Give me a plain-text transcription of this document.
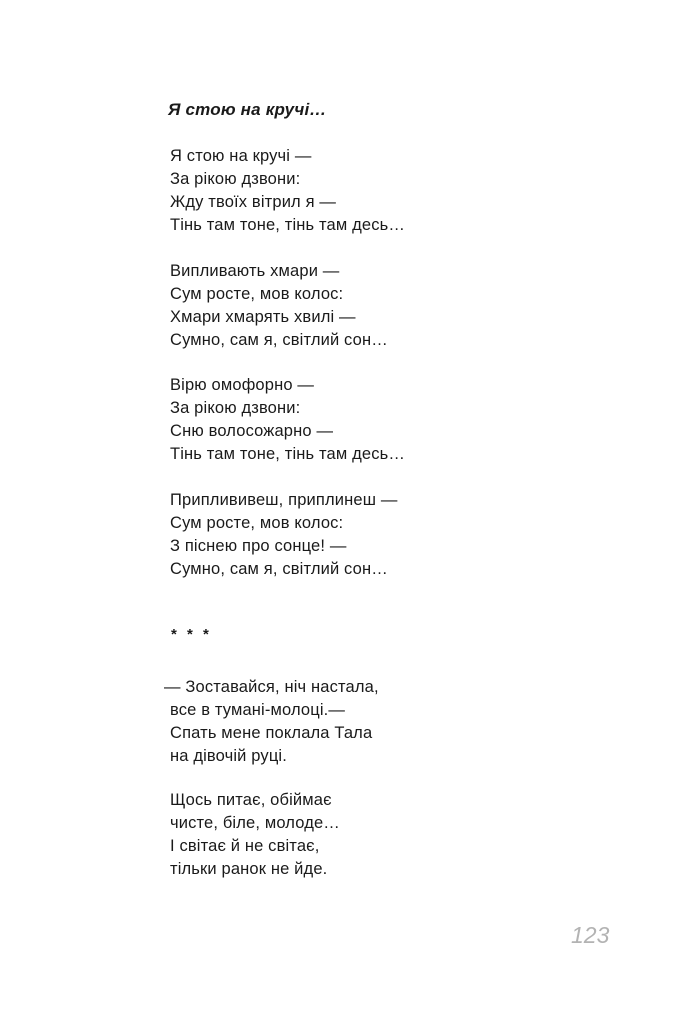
Я стою на кручі…
Я стою на кручі —
За рікою дзвони:
Жду твоїх вітрил я —
Тінь там тоне, тінь там десь…
Випливають хмари —
Сум росте, мов колос:
Хмари хмарять хвилі —
Сумно, сам я, світлий сон…
Вірю омофорно —
За рікою дзвони:
Сню волосожарно —
Тінь там тоне, тінь там десь…
Приплививеш, приплинеш —
Сум росте, мов колос:
З піснею про сонце! —
Сумно, сам я, світлий сон…
* * *
— Зоставайся, ніч настала,
все в тумані-молоці.—
Спать мене поклала Тала
на дівочій руці.
Щось питає, обіймає
чисте, біле, молоде…
І світає й не світає,
тільки ранок не йде.
123
